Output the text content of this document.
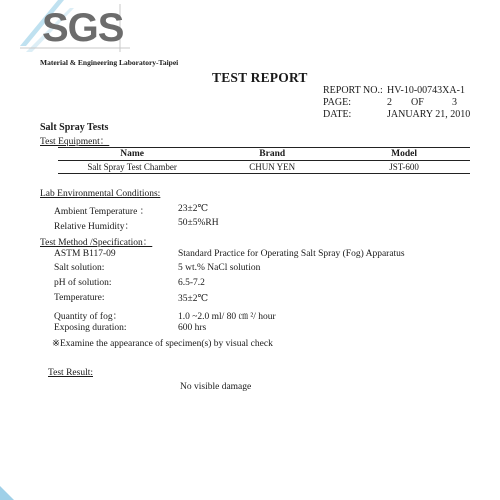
SGS
Material & Engineering Laboratory-Taipei
TEST REPORT
REPORT NO.: HV-10-00743XA-1
PAGE:	2 OF	3
DATE:	JANUARY 21, 2010
Salt Spray Tests
Test Equipment：
Name	Brand	Model
Salt Spray Test Chamber	CHUN YEN	JST-600
Lab Environmental Conditions:
Ambient Temperature ：	23±2℃
Relative Humidity：	50±5%RH
Test Method /Specification：
ASTM B117-09	Standard Practice for Operating Salt Spray (Fog) Apparatus
Salt solution:	5 wt.% NaCl solution
pH of solution:	6.5-7.2
Temperature:	35±2℃
Quantity of fog：	1.0 ~2.0 ml/ 80 ㎝ ²/ hour
Exposing duration:	600 hrs
※Examine the appearance of specimen(s) by visual check
Test Result:
No visible damage
